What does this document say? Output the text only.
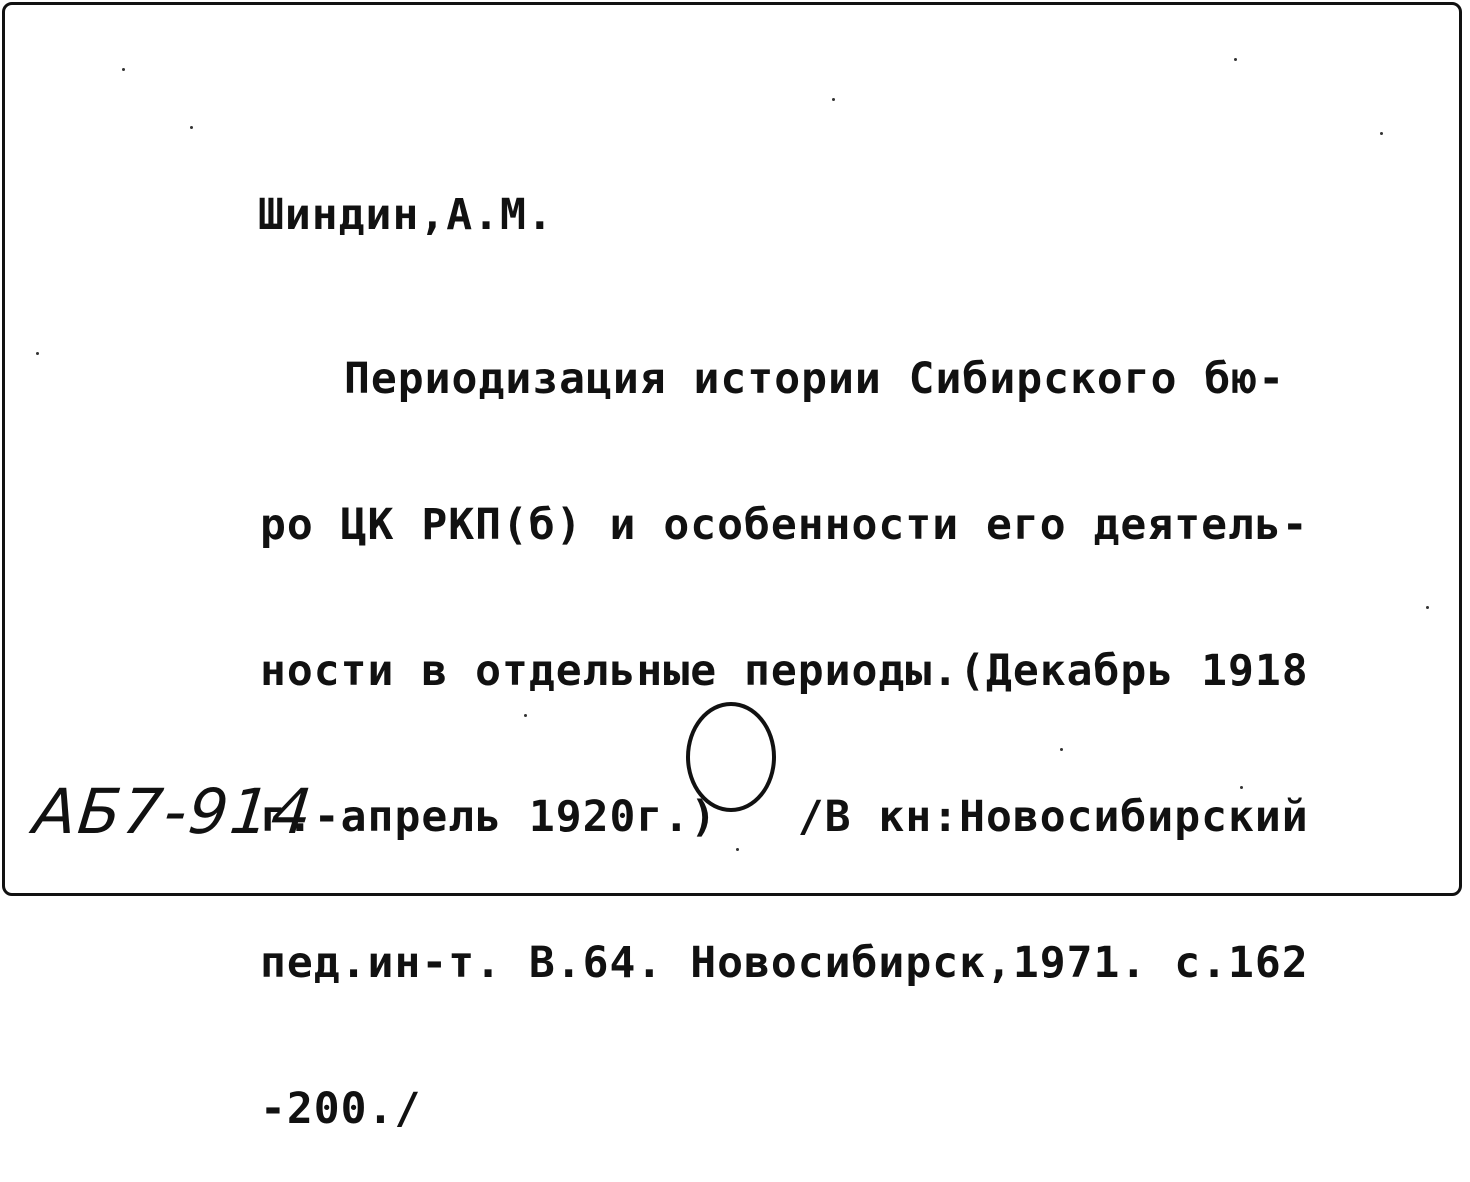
Шиндин,А.М.

Периодизация истории Сибирского бю-

ро ЦК РКП(б) и особенности его деятель-

ности в отдельные периоды.(Декабрь 1918

г.-апрель 1920г.)   /В кн:Новосибирский

пед.ин-т. В.64. Новосибирск,1971. с.162

-200./

АБ7-914
